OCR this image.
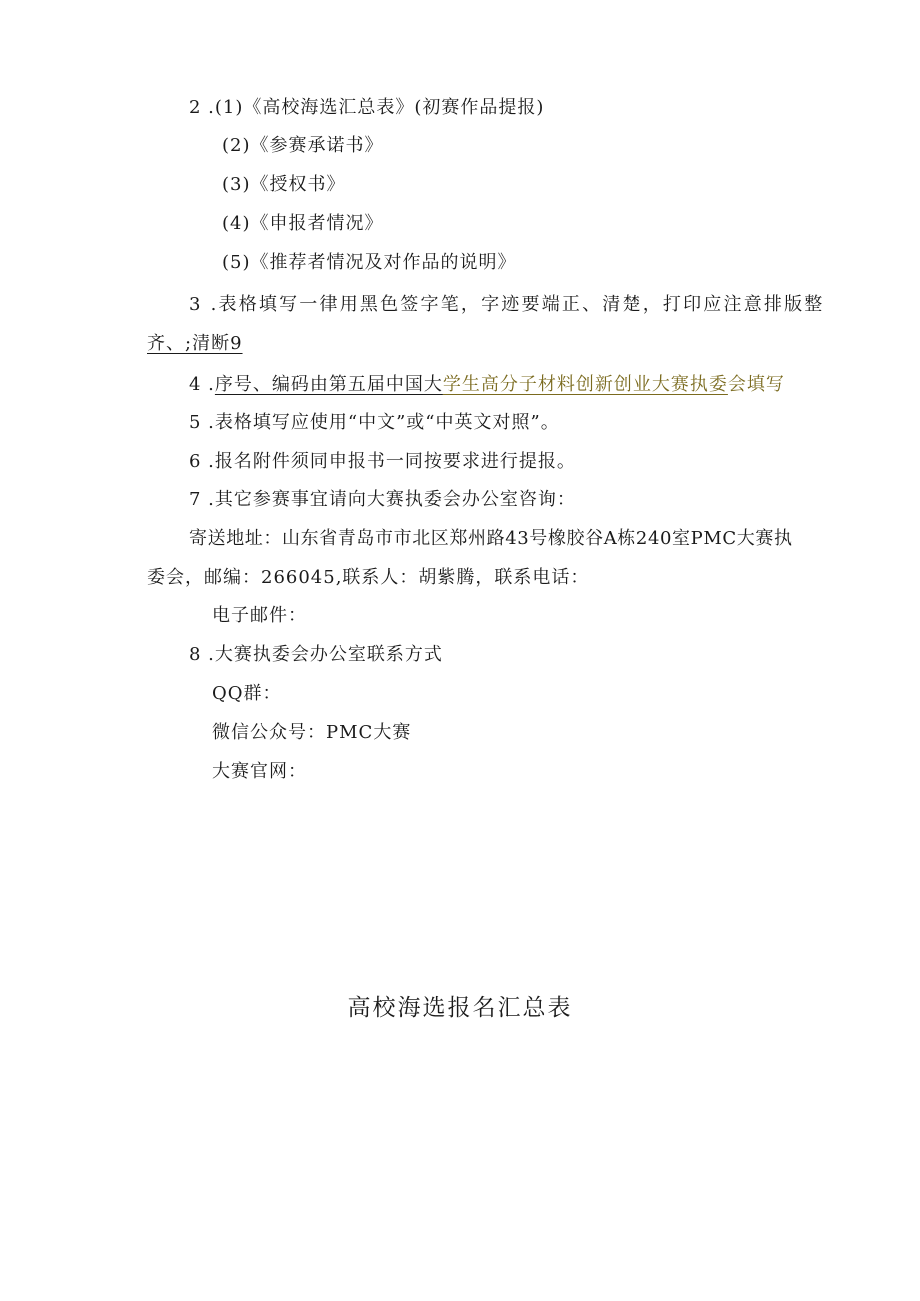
2 .(1)《高校海选汇总表》(初赛作品提报)
(2)《参赛承诺书》
(3)《授权书》
(4)《申报者情况》
(5)《推荐者情况及对作品的说明》
3 .表格填写一律用黑色签字笔，字迹要端正、清楚，打印应注意排版整
齐、;清断9
4 .序号、编码由第五届中国大学生高分子材料创新创业大赛执委会填写
5 .表格填写应使用“中文”或“中英文对照”。
6 .报名附件须同申报书一同按要求进行提报。
7 .其它参赛事宜请向大赛执委会办公室咨询：
寄送地址：山东省青岛市市北区郑州路43号橡胶谷A栋240室PMC大赛执
委会，邮编：266045,联系人：胡紫腾，联系电话：
电子邮件：
8 .大赛执委会办公室联系方式
QQ群：
微信公众号：PMC大赛
大赛官网：
高校海选报名汇总表
